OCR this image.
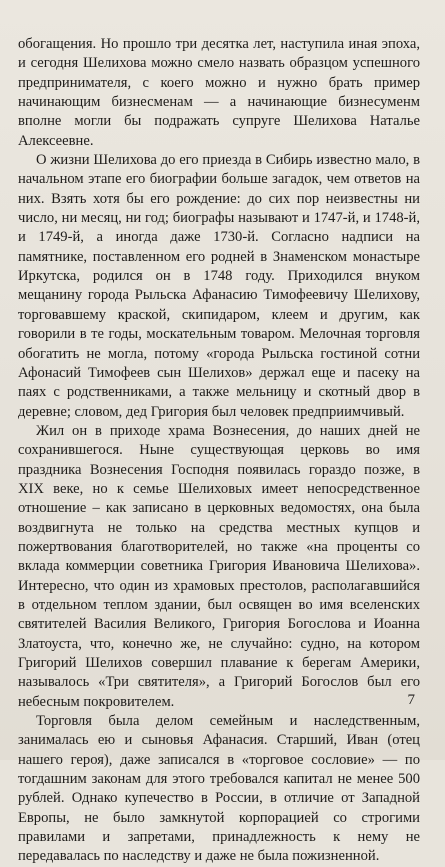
обогащения. Но прошло три десятка лет, наступила иная эпоха, и сегодня Шелихова можно смело назвать образцом успешного предпринимателя, с коего можно и нужно брать пример начинающим бизнесменам — а начинающие бизнесуменм вполне могли бы подражать супруге Шелихова Наталье Алексеевне.

О жизни Шелихова до его приезда в Сибирь известно мало, в начальном этапе его биографии больше загадок, чем ответов на них. Взять хотя бы его рождение: до сих пор неизвестны ни число, ни месяц, ни год; биографы называют и 1747-й, и 1748-й, и 1749-й, а иногда даже 1730-й. Согласно надписи на памятнике, поставленном его родней в Знаменском монастыре Иркутска, родился он в 1748 году. Приходился внуком мещанину города Рыльска Афанасию Тимофеевичу Шелихову, торговавшему краской, скипидаром, клеем и другим, как говорили в те годы, москательным товаром. Мелочная торговля обогатить не могла, потому «города Рыльска гостиной сотни Афонасий Тимофеев сын Шелихов» держал еще и пасеку на паях с родственниками, а также мельницу и скотный двор в деревне; словом, дед Григория был человек предприимчивый.

Жил он в приходе храма Вознесения, до наших дней не сохранившегося. Ныне существующая церковь во имя праздника Вознесения Господня появилась гораздо позже, в XIX веке, но к семье Шелиховых имеет непосредственное отношение – как записано в церковных ведомостях, она была воздвигнута не только на средства местных купцов и пожертвования благотворителей, но также «на проценты со вклада коммерции советника Григория Ивановича Шелихова». Интересно, что один из храмовых престолов, располагавшийся в отдельном теплом здании, был освящен во имя вселенских святителей Василия Великого, Григория Богослова и Иоанна Златоуста, что, конечно же, не случайно: судно, на котором Григорий Шелихов совершил плавание к берегам Америки, называлось «Три святителя», а Григорий Богослов был его небесным покровителем.

Торговля была делом семейным и наследственным, занималась ею и сыновья Афанасия. Старший, Иван (отец нашего героя), даже записался в «торговое сословие» — по тогдашним законам для этого требовался капитал не менее 500 рублей. Однако купечество в России, в отличие от Западной Европы, не было замкнутой корпорацией со строгими правилами и запретами, принадлежность к нему не передавалась по наследству и даже не была пожизненной.

7
